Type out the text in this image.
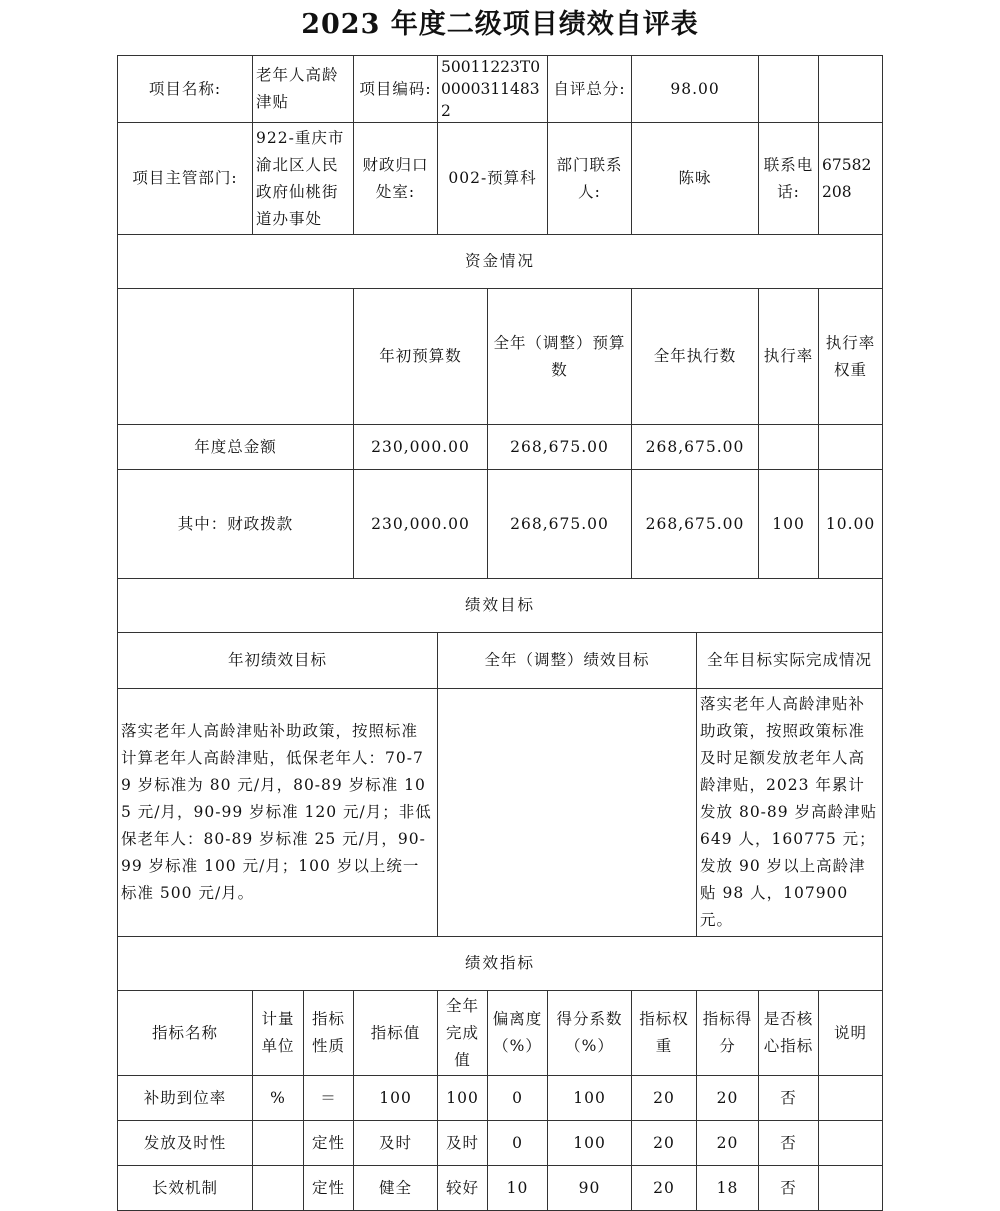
2023 年度二级项目绩效自评表
项目名称:	老年人高龄津贴		项目编码:	50011223T000003114832		自评总分:	98.00				
项目主管部门:	922-重庆市渝北区人民政府仙桃街道办事处		财政归口处室:	002-预算科		部门联系人:	陈咏		联系电话:	67582208	
资金情况											
			年初预算数		全年（调整）预算数		全年执行数		执行率	执行率权重	
年度总金额			230,000.00		268,675.00		268,675.00				
其中：财政拨款			230,000.00		268,675.00		268,675.00		100	10.00	
绩效目标											
年初绩效目标				全年（调整）绩效目标				全年目标实际完成情况			
落实老年人高龄津贴补助政策，按照标准计算老年人高龄津贴，低保老年人：70-79 岁标准为 80 元/月，80-89 岁标准 105 元/月，90-99 岁标准 120 元/月；非低保老年人：80-89 岁标准 25 元/月，90-99 岁标准 100 元/月；100 岁以上统一标准 500 元/月。								落实老年人高龄津贴补助政策，按照政策标准及时足额发放老年人高龄津贴，2023 年累计发放 80-89 岁高龄津贴 649 人，160775 元；发放 90 岁以上高龄津贴 98 人，107900 元。			
绩效指标											
指标名称	计量单位	指标性质	指标值	全年完成值	偏离度（%）	得分系数（%）	指标权重	指标得分	是否核心指标	说明	
补助到位率	%	＝	100	100	0	100	20	20	否		
发放及时性		定性	及时	及时	0	100	20	20	否		
长效机制		定性	健全	较好	10	90	20	18	否		
